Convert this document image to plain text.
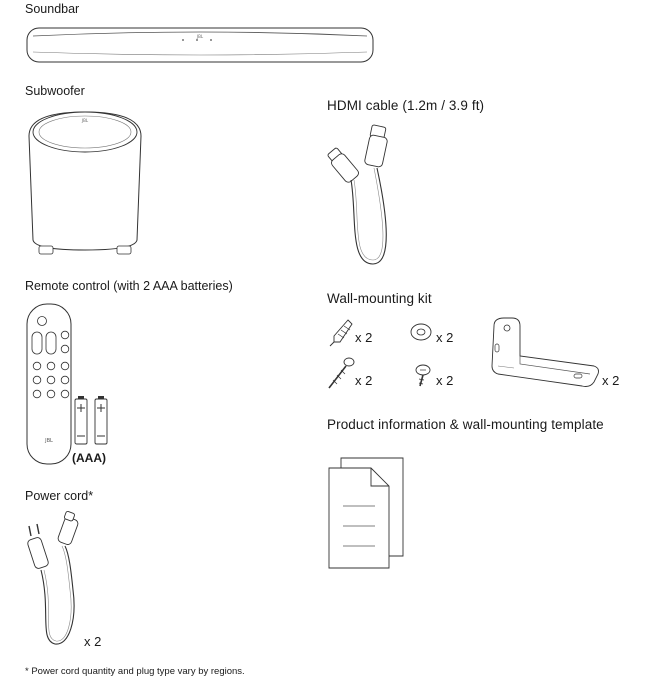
Soundbar
JBL
Subwoofer
JBL
Remote control (with 2 AAA batteries)
JBL
(AAA)
Power cord*
x 2
* Power cord quantity and plug type vary by regions.
HDMI cable (1.2m / 3.9 ft)
Wall-mounting kit
x 2	x 2
x 2	x 2	x 2
Product information & wall-mounting template
